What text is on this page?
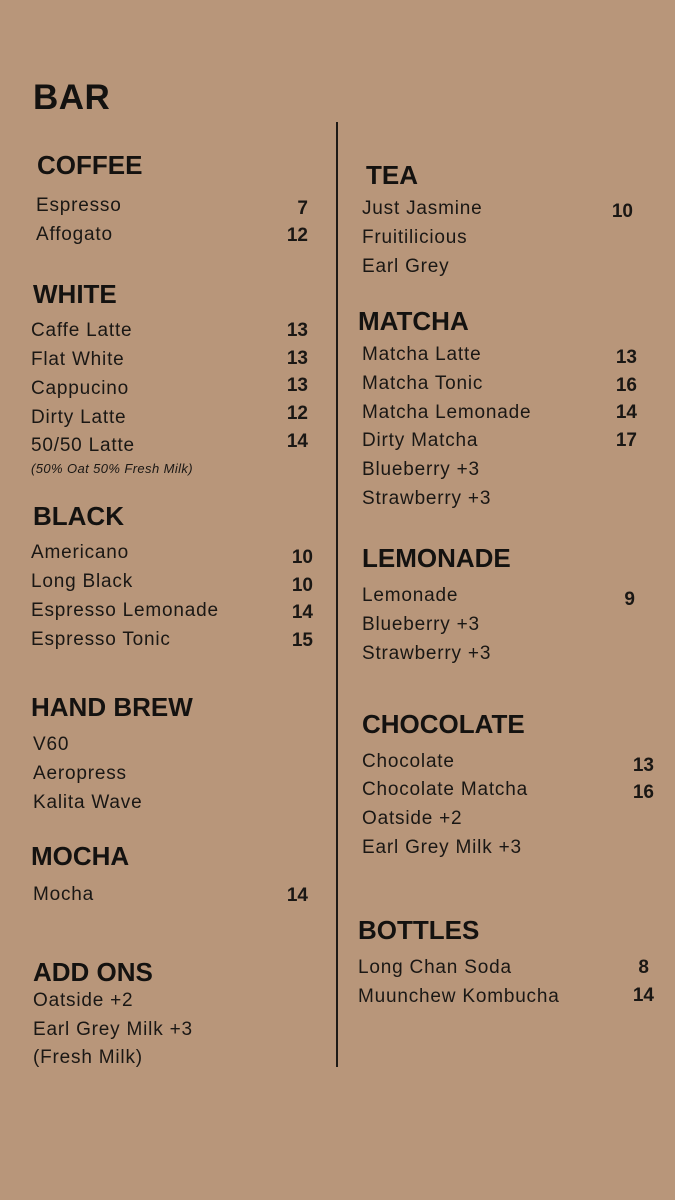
BAR
COFFEE
Espresso	7
Affogato	12
WHITE
Caffe Latte	13
Flat White	13
Cappucino	13
Dirty Latte	12
50/50 Latte	14
(50% Oat 50% Fresh Milk)
BLACK
Americano	10
Long Black	10
Espresso Lemonade	14
Espresso Tonic	15
HAND BREW
V60
Aeropress
Kalita Wave
MOCHA
Mocha	14
ADD ONS
Oatside +2
Earl Grey Milk +3
(Fresh Milk)
TEA
Just Jasmine	10
Fruitilicious
Earl Grey
MATCHA
Matcha Latte	13
Matcha Tonic	16
Matcha Lemonade	14
Dirty Matcha	17
Blueberry +3
Strawberry +3
LEMONADE
Lemonade	9
Blueberry +3
Strawberry +3
CHOCOLATE
Chocolate	13
Chocolate Matcha	16
Oatside +2
Earl Grey Milk +3
BOTTLES
Long Chan Soda	8
Muunchew Kombucha	14
